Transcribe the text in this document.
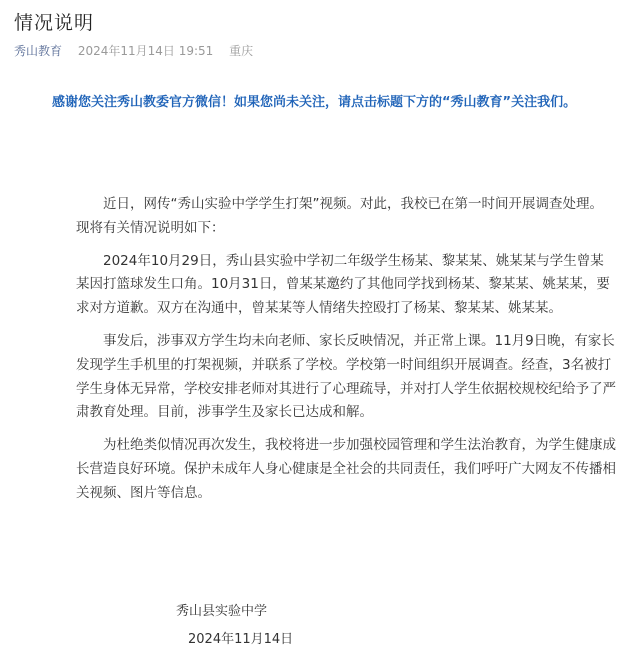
情况说明
秀山教育 2024年11月14日 19:51 重庆
感谢您关注秀山教委官方微信！如果您尚未关注，请点击标题下方的“秀山教育”关注我们。

近日，网传“秀山实验中学学生打架”视频。对此，我校已在第一时间开展调查处理。现将有关情况说明如下：

2024年10月29日，秀山县实验中学初二年级学生杨某、黎某某、姚某某与学生曾某某因打篮球发生口角。10月31日，曾某某邀约了其他同学找到杨某、黎某某、姚某某，要求对方道歉。双方在沟通中，曾某某等人情绪失控殴打了杨某、黎某某、姚某某。

事发后，涉事双方学生均未向老师、家长反映情况，并正常上课。11月9日晚，有家长发现学生手机里的打架视频，并联系了学校。学校第一时间组织开展调查。经查，3名被打学生身体无异常，学校安排老师对其进行了心理疏导，并对打人学生依据校规校纪给予了严肃教育处理。目前，涉事学生及家长已达成和解。

为杜绝类似情况再次发生，我校将进一步加强校园管理和学生法治教育，为学生健康成长营造良好环境。保护未成年人身心健康是全社会的共同责任，我们呼吁广大网友不传播相关视频、图片等信息。

秀山县实验中学
2024年11月14日
